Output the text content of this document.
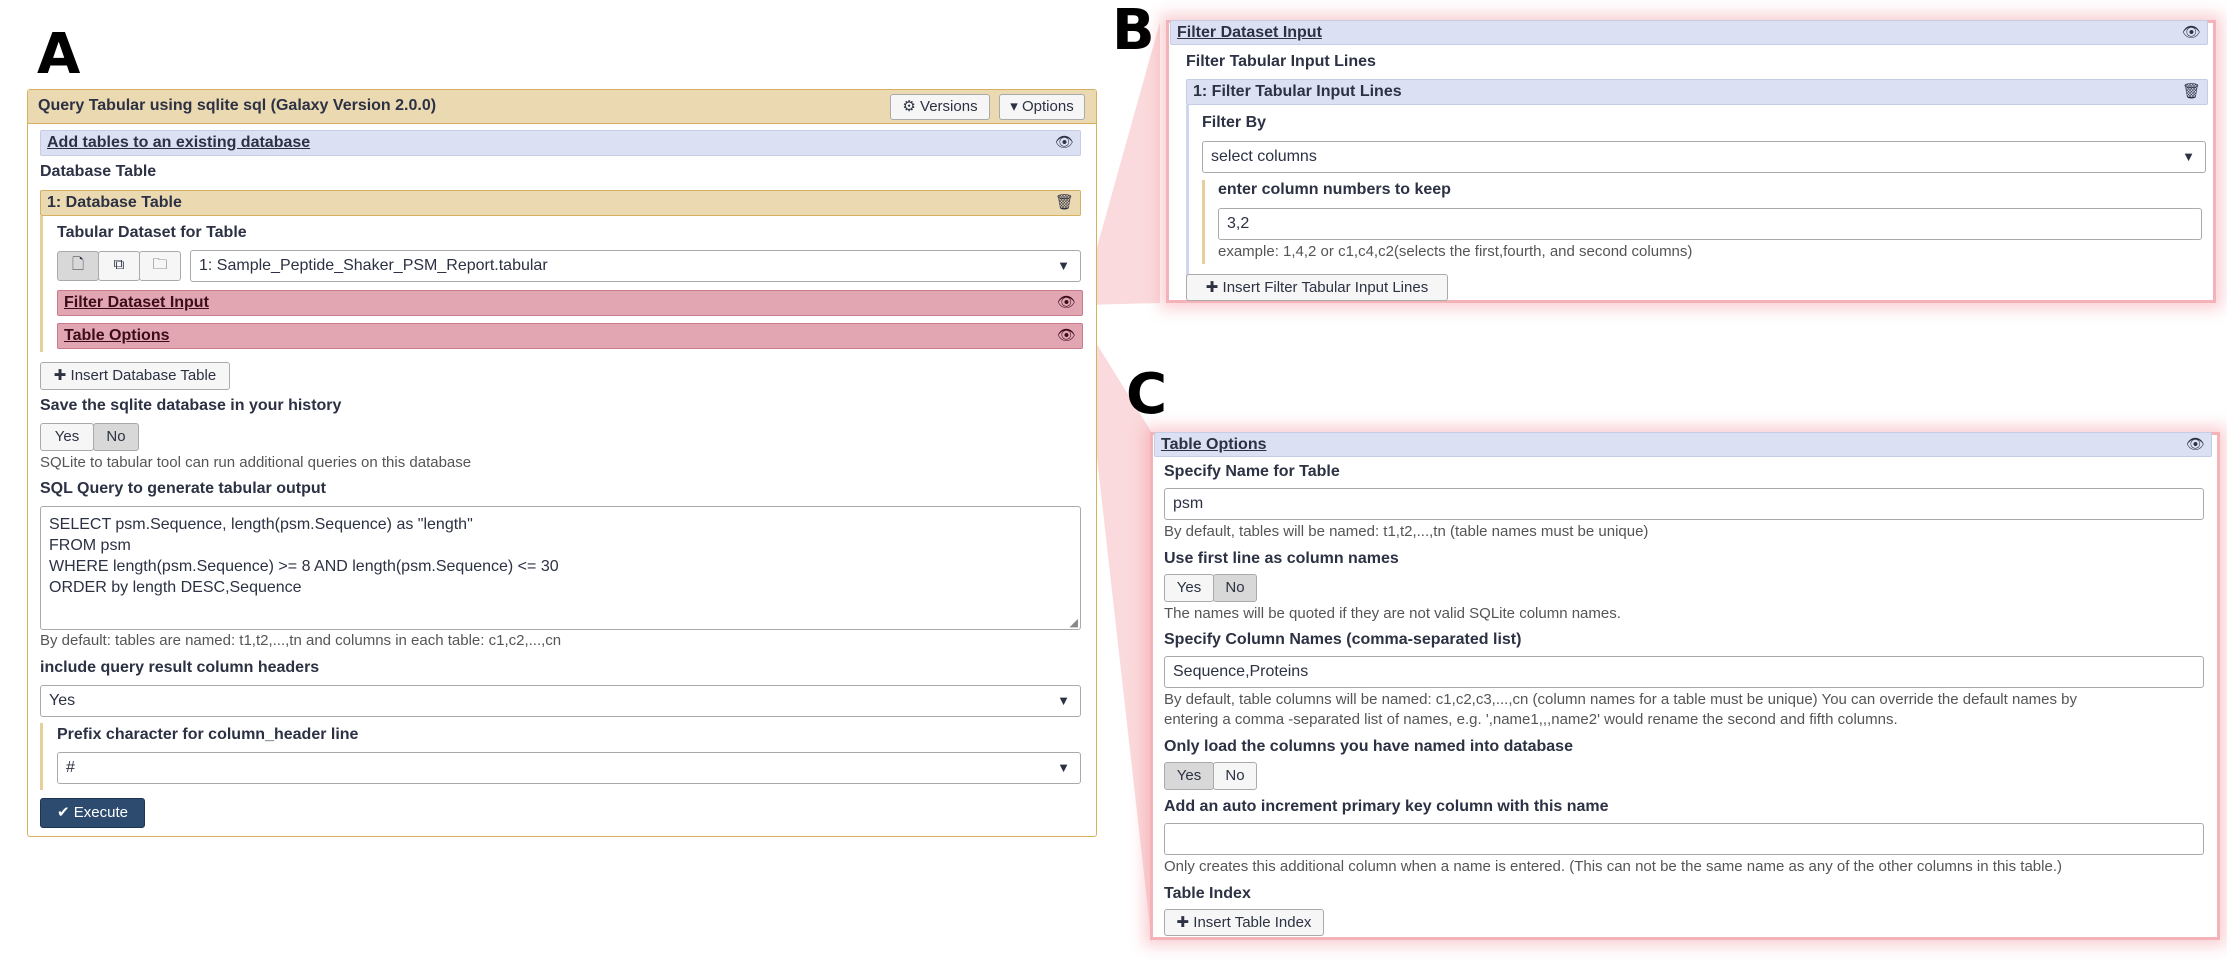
A	B
C
Query Tabular using sqlite sql (Galaxy Version 2.0.0)	⚙ Versions	▾ Options
Add tables to an existing database	👁
Database Table
1: Database Table	🗑
Tabular Dataset for Table
🗋	⧉	🗀	1: Sample_Peptide_Shaker_PSM_Report.tabular	▼
Filter Dataset Input	👁
Table Options	👁
✚ Insert Database Table
Save the sqlite database in your history
Yes	No
SQLite to tabular tool can run additional queries on this database
SQL Query to generate tabular output
SELECT psm.Sequence, length(psm.Sequence) as "length"
FROM psm
WHERE length(psm.Sequence) >= 8 AND length(psm.Sequence) <= 30
ORDER by length DESC,Sequence
◢
By default: tables are named: t1,t2,...,tn and columns in each table: c1,c2,...,cn
include query result column headers
Yes	▼
Prefix character for column_header line
#	▼
✔ Execute
Filter Dataset Input	👁
Filter Tabular Input Lines
1: Filter Tabular Input Lines	🗑
Filter By
select columns	▼
enter column numbers to keep
3,2
example: 1,4,2 or c1,c4,c2(selects the first,fourth, and second columns)
✚ Insert Filter Tabular Input Lines
Table Options	👁
Specify Name for Table
psm
By default, tables will be named: t1,t2,...,tn (table names must be unique)
Use first line as column names
Yes	No
The names will be quoted if they are not valid SQLite column names.
Specify Column Names (comma-separated list)
Sequence,Proteins
By default, table columns will be named: c1,c2,c3,...,cn (column names for a table must be unique) You can override the default names by
entering a comma -separated list of names, e.g. ',name1,,,name2' would rename the second and fifth columns.
Only load the columns you have named into database
Yes	No
Add an auto increment primary key column with this name
Only creates this additional column when a name is entered. (This can not be the same name as any of the other columns in this table.)
Table Index
✚ Insert Table Index
